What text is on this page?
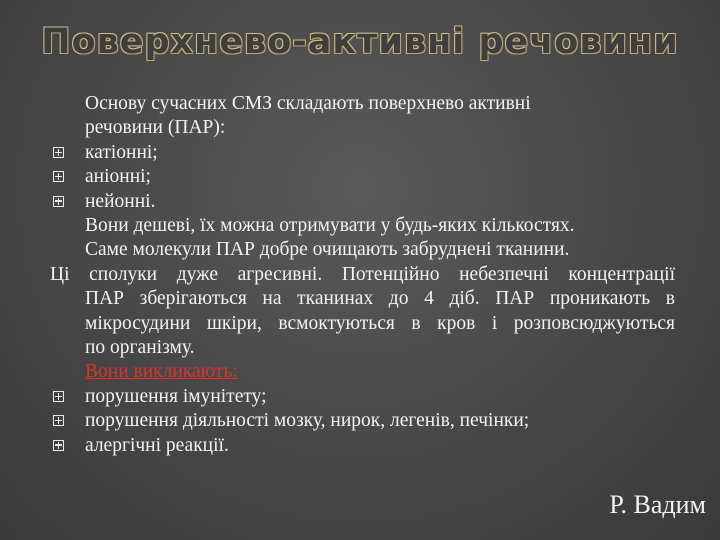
Поверхнево-активні речовини
Основу сучасних СМЗ складають поверхнево активні
речовини (ПАР):
катіонні;
аніонні;
нейонні.
Вони дешеві, їх можна отримувати у будь-яких кількостях.
Саме молекули ПАР добре очищають забруднені тканини.
Ці сполуки дуже агресивні. Потенційно небезпечні концентрації
ПАР зберігаються на тканинах до 4 діб. ПАР проникають в
мікросудини шкіри, всмоктуються в кров і розповсюджуються
по організму.
Вони викликають:
порушення імунітету;
порушення діяльності мозку, нирок, легенів, печінки;
алергічні реакції.
Р. Вадим
